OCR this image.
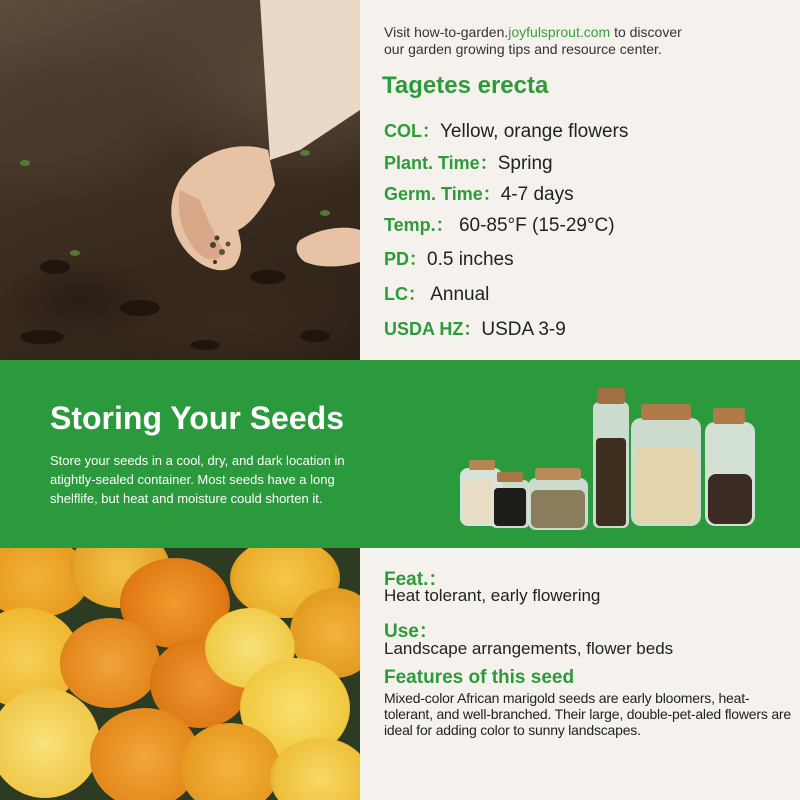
Visit how-to-garden.joyfulsprout.com to discover
our garden growing tips and resource center.
Tagetes erecta
COL：Yellow, orange flowers
Plant. Time：Spring
Germ. Time：4-7 days
Temp.： 60-85°F (15-29°C)
PD：0.5 inches
LC： Annual
USDA HZ：USDA 3-9
Storing Your Seeds
Store your seeds in a cool, dry, and dark location in atightly-sealed container. Most seeds have a long shelflife, but heat and moisture could shorten it.
Feat.：
Heat tolerant, early flowering
Use：
Landscape arrangements, flower beds
Features of this seed
Mixed-color African marigold seeds are early bloomers, heat-tolerant, and well-branched. Their large, double-pet-aled flowers are ideal for adding color to sunny landscapes.
